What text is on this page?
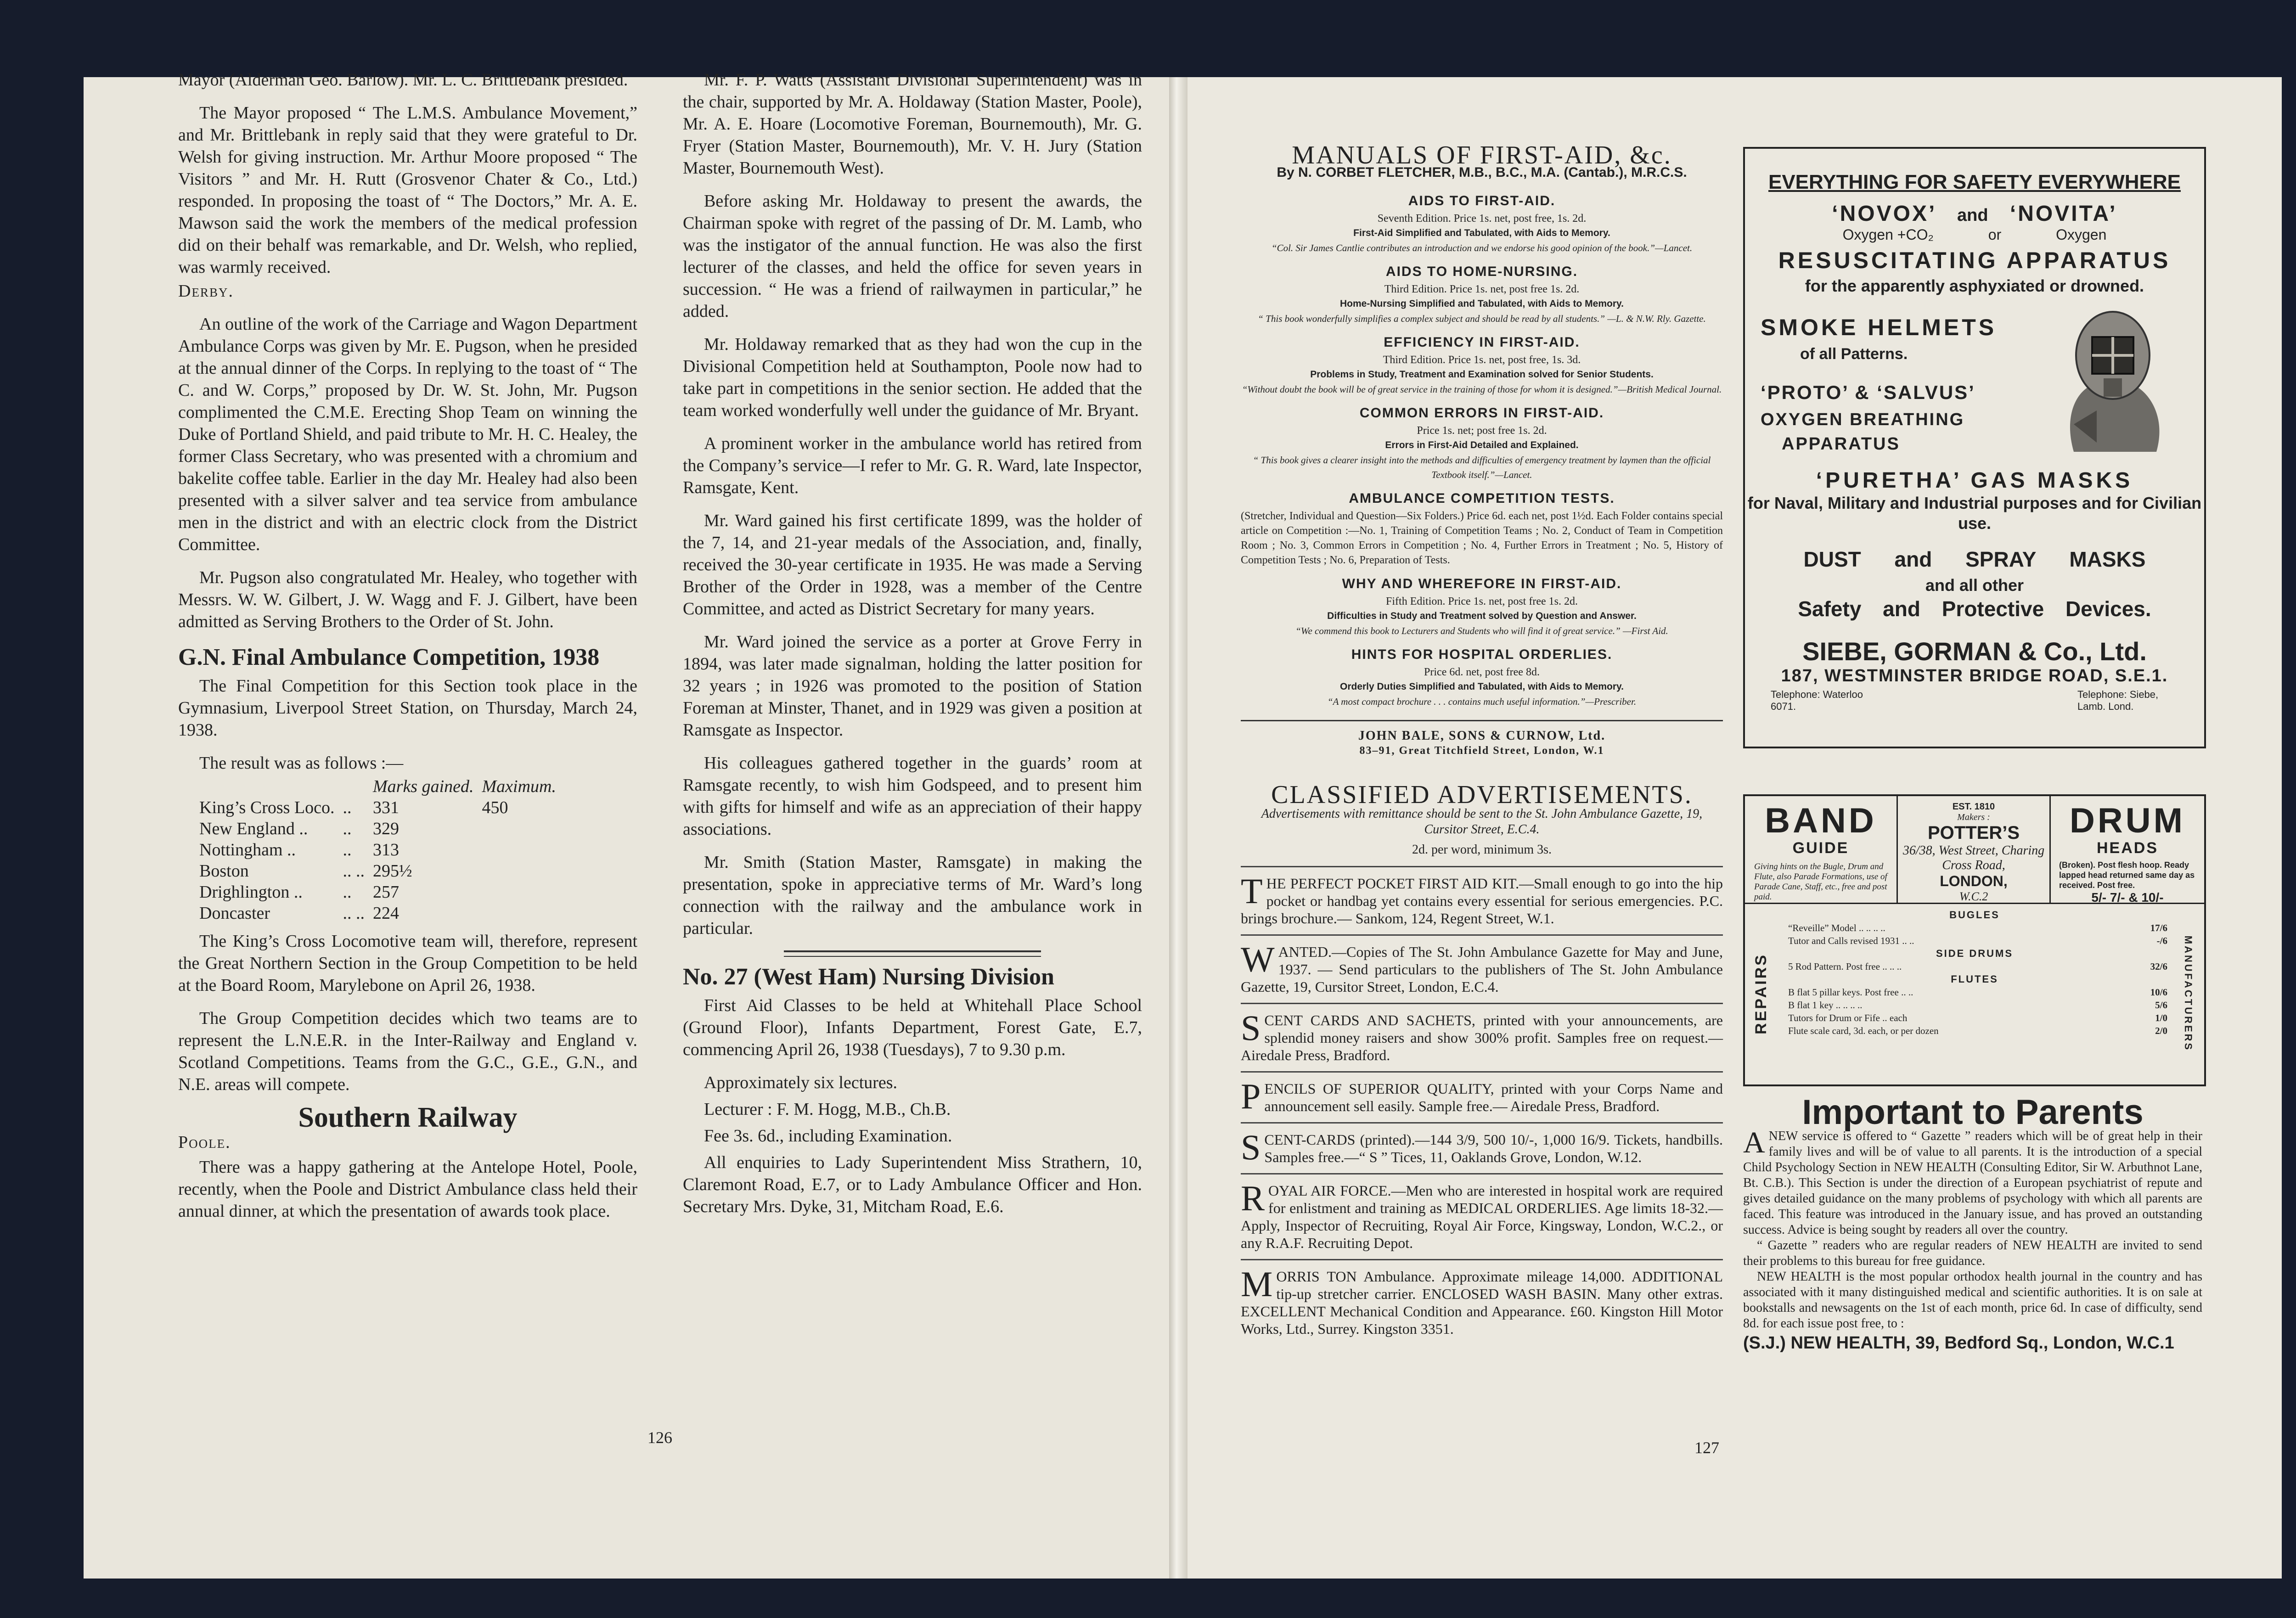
Mayor (Alderman Geo. Barlow). Mr. L. C. Brittlebank presided.

The Mayor proposed “ The L.M.S. Ambulance Movement,” and Mr. Brittlebank in reply said that they were grateful to Dr. Welsh for giving instruction. Mr. Arthur Moore proposed “ The Visitors ” and Mr. H. Rutt (Grosvenor Chater & Co., Ltd.) responded. In proposing the toast of “ The Doctors,” Mr. A. E. Mawson said the work the members of the medical profession did on their behalf was remarkable, and Dr. Welsh, who replied, was warmly received.

Derby.

An outline of the work of the Carriage and Wagon Department Ambulance Corps was given by Mr. E. Pugson, when he presided at the annual dinner of the Corps. In replying to the toast of “ The C. and W. Corps,” proposed by Dr. W. St. John, Mr. Pugson complimented the C.M.E. Erecting Shop Team on winning the Duke of Portland Shield, and paid tribute to Mr. H. C. Healey, the former Class Secretary, who was presented with a chromium and bakelite coffee table. Earlier in the day Mr. Healey had also been presented with a silver salver and tea service from ambulance men in the district and with an electric clock from the District Committee.

Mr. Pugson also congratulated Mr. Healey, who together with Messrs. W. W. Gilbert, J. W. Wagg and F. J. Gilbert, have been admitted as Serving Brothers to the Order of St. John.

G.N. Final Ambulance Competition, 1938

The Final Competition for this Section took place in the Gymnasium, Liverpool Street Station, on Thursday, March 24, 1938.

The result was as follows :—

		Marks gained.	Maximum.
King’s Cross Loco.	..	331	450
New England ..	..	329	
Nottingham ..	..	313	
Boston	.. ..	295½	
Drighlington ..	..	257	
Doncaster	.. ..	224	

The King’s Cross Locomotive team will, therefore, represent the Great Northern Section in the Group Competition to be held at the Board Room, Marylebone on April 26, 1938.

The Group Competition decides which two teams are to represent the L.N.E.R. in the Inter-Railway and England v. Scotland Competitions. Teams from the G.C., G.E., G.N., and N.E. areas will compete.

Southern Railway

Poole.

There was a happy gathering at the Antelope Hotel, Poole, recently, when the Poole and District Ambulance class held their annual dinner, at which the presentation of awards took place.

Mr. F. P. Watts (Assistant Divisional Superintendent) was in the chair, supported by Mr. A. Holdaway (Station Master, Poole), Mr. A. E. Hoare (Locomotive Foreman, Bournemouth), Mr. G. Fryer (Station Master, Bournemouth), Mr. V. H. Jury (Station Master, Bournemouth West).

Before asking Mr. Holdaway to present the awards, the Chairman spoke with regret of the passing of Dr. M. Lamb, who was the instigator of the annual function. He was also the first lecturer of the classes, and held the office for seven years in succession. “ He was a friend of railwaymen in particular,” he added.

Mr. Holdaway remarked that as they had won the cup in the Divisional Competition held at Southampton, Poole now had to take part in competitions in the senior section. He added that the team worked wonderfully well under the guidance of Mr. Bryant.

A prominent worker in the ambulance world has retired from the Company’s service—I refer to Mr. G. R. Ward, late Inspector, Ramsgate, Kent.

Mr. Ward gained his first certificate 1899, was the holder of the 7, 14, and 21-year medals of the Association, and, finally, received the 30-year certificate in 1935. He was made a Serving Brother of the Order in 1928, was a member of the Centre Committee, and acted as District Secretary for many years.

Mr. Ward joined the service as a porter at Grove Ferry in 1894, was later made signalman, holding the latter position for 32 years ; in 1926 was promoted to the position of Station Foreman at Minster, Thanet, and in 1929 was given a position at Ramsgate as Inspector.

His colleagues gathered together in the guards’ room at Ramsgate recently, to wish him Godspeed, and to present him with gifts for himself and wife as an appreciation of their happy associations.

Mr. Smith (Station Master, Ramsgate) in making the presentation, spoke in appreciative terms of Mr. Ward’s long connection with the railway and the ambulance work in particular.

No. 27 (West Ham) Nursing Division

First Aid Classes to be held at Whitehall Place School (Ground Floor), Infants Department, Forest Gate, E.7, commencing April 26, 1938 (Tuesdays), 7 to 9.30 p.m.

Approximately six lectures.

Lecturer : F. M. Hogg, M.B., Ch.B.

Fee 3s. 6d., including Examination.

All enquiries to Lady Superintendent Miss Strathern, 10, Claremont Road, E.7, or to Lady Ambulance Officer and Hon. Secretary Mrs. Dyke, 31, Mitcham Road, E.6.

126
MANUALS OF FIRST-AID, &c.
By N. CORBET FLETCHER, M.B., B.C., M.A. (Cantab.), M.R.C.S.
AIDS TO FIRST-AID.
Seventh Edition. Price 1s. net, post free, 1s. 2d.
First-Aid Simplified and Tabulated, with Aids to Memory.
“Col. Sir James Cantlie contributes an introduction and we endorse his good opinion of the book.”—Lancet.
AIDS TO HOME-NURSING.
Third Edition. Price 1s. net, post free 1s. 2d.
Home-Nursing Simplified and Tabulated, with Aids to Memory.
“ This book wonderfully simplifies a complex subject and should be read by all students.” —L. & N.W. Rly. Gazette.
EFFICIENCY IN FIRST-AID.
Third Edition. Price 1s. net, post free, 1s. 3d.
Problems in Study, Treatment and Examination solved for Senior Students.
“Without doubt the book will be of great service in the training of those for whom it is designed.”—British Medical Journal.
COMMON ERRORS IN FIRST-AID.
Price 1s. net; post free 1s. 2d.
Errors in First-Aid Detailed and Explained.
“ This book gives a clearer insight into the methods and difficulties of emergency treatment by laymen than the official Textbook itself.”—Lancet.
AMBULANCE COMPETITION TESTS.
(Stretcher, Individual and Question—Six Folders.) Price 6d. each net, post 1½d. Each Folder contains special article on Competition :—No. 1, Training of Competition Teams ; No. 2, Conduct of Team in Competition Room ; No. 3, Common Errors in Competition ; No. 4, Further Errors in Treatment ; No. 5, History of Competition Tests ; No. 6, Preparation of Tests.
WHY AND WHEREFORE IN FIRST-AID.
Fifth Edition. Price 1s. net, post free 1s. 2d.
Difficulties in Study and Treatment solved by Question and Answer.
“We commend this book to Lecturers and Students who will find it of great service.” —First Aid.
HINTS FOR HOSPITAL ORDERLIES.
Price 6d. net, post free 8d.
Orderly Duties Simplified and Tabulated, with Aids to Memory.
“A most compact brochure . . . contains much useful information.”—Prescriber.
JOHN BALE, SONS & CURNOW, Ltd.
83–91, Great Titchfield Street, London, W.1
EVERYTHING FOR SAFETY EVERYWHERE
‘NOVOX’ and ‘NOVITA’
Oxygen +CO₂	or	Oxygen
RESUSCITATING APPARATUS
for the apparently asphyxiated or drowned.
SMOKE HELMETS
of all Patterns.
‘PROTO’ & ‘SALVUS’
OXYGEN BREATHING
APPARATUS
‘PURETHA’ GAS MASKS
for Naval, Military and Industrial purposes and for Civilian use.
DUST and SPRAY MASKS
and all other
Safety and Protective Devices.
SIEBE, GORMAN & Co., Ltd.
187, WESTMINSTER BRIDGE ROAD, S.E.1.
Telephone: Waterloo 6071.
Telephone: Siebe, Lamb. Lond.
CLASSIFIED ADVERTISEMENTS.
Advertisements with remittance should be sent to the St. John Ambulance Gazette, 19, Cursitor Street, E.C.4.
2d. per word, minimum 3s.
THE PERFECT POCKET FIRST AID KIT.—Small enough to go into the hip pocket or handbag yet contains every essential for serious emergencies. P.C. brings brochure.— Sankom, 124, Regent Street, W.1.
WANTED.—Copies of The St. John Ambulance Gazette for May and June, 1937. — Send particulars to the publishers of The St. John Ambulance Gazette, 19, Cursitor Street, London, E.C.4.
SCENT CARDS AND SACHETS, printed with your announcements, are splendid money raisers and show 300% profit. Samples free on request.—Airedale Press, Bradford.
PENCILS OF SUPERIOR QUALITY, printed with your Corps Name and announcement sell easily. Sample free.— Airedale Press, Bradford.
SCENT-CARDS (printed).—144 3/9, 500 10/-, 1,000 16/9. Tickets, handbills. Samples free.—“ S ” Tices, 11, Oaklands Grove, London, W.12.
ROYAL AIR FORCE.—Men who are interested in hospital work are required for enlistment and training as MEDICAL ORDERLIES. Age limits 18-32.—Apply, Inspector of Recruiting, Royal Air Force, Kingsway, London, W.C.2., or any R.A.F. Recruiting Depot.
MORRIS TON Ambulance. Approximate mileage 14,000. ADDITIONAL tip-up stretcher carrier. ENCLOSED WASH BASIN. Many other extras. EXCELLENT Mechanical Condition and Appearance. £60. Kingston Hill Motor Works, Ltd., Surrey. Kingston 3351.
BAND
GUIDE
Giving hints on the Bugle, Drum and Flute, also Parade Formations, use of Parade Cane, Staff, etc., free and post paid.
EST. 1810
Makers :
POTTER’S
36/38, West Street, Charing Cross Road,
LONDON,
W.C.2
DRUM
HEADS
(Broken). Post flesh hoop. Ready lapped head returned same day as received. Post free.
5/- 7/- & 10/-
REPAIRS
BUGLES
“Reveille” Model .. .. .. ..	17/6
Tutor and Calls revised 1931 .. ..	-/6
SIDE DRUMS
5 Rod Pattern. Post free .. .. ..	32/6
FLUTES
B flat 5 pillar keys. Post free .. ..	10/6
B flat 1 key .. .. .. ..	5/6
Tutors for Drum or Fife .. each	1/0
Flute scale card, 3d. each, or per dozen	2/0 MANUFACTURERS
Important to Parents
ANEW service is offered to “ Gazette ” readers which will be of great help in their family lives and will be of value to all parents. It is the introduction of a special Child Psychology Section in NEW HEALTH (Consulting Editor, Sir W. Arbuthnot Lane, Bt. C.B.). This Section is under the direction of a European psychiatrist of repute and gives detailed guidance on the many problems of psychology with which all parents are faced. This feature was introduced in the January issue, and has proved an outstanding success. Advice is being sought by readers all over the country.
“ Gazette ” readers who are regular readers of NEW HEALTH are invited to send their problems to this bureau for free guidance.
NEW HEALTH is the most popular orthodox health journal in the country and has associated with it many distinguished medical and scientific authorities. It is on sale at bookstalls and newsagents on the 1st of each month, price 6d. In case of difficulty, send 8d. for each issue post free, to :
(S.J.) NEW HEALTH, 39, Bedford Sq., London, W.C.1
127
